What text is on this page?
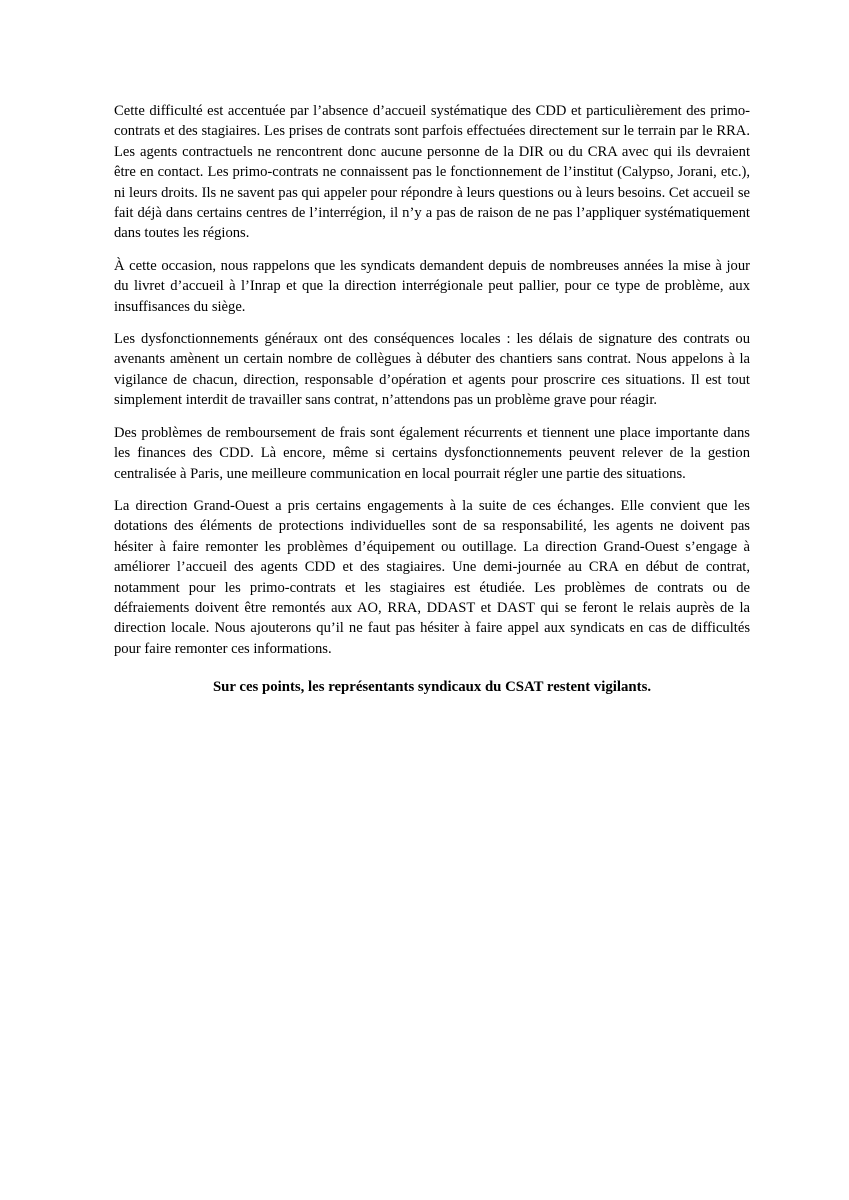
Cette difficulté est accentuée par l’absence d’accueil systématique des CDD et particulièrement des primo-contrats et des stagiaires. Les prises de contrats sont parfois effectuées directement sur le terrain par le RRA. Les agents contractuels ne rencontrent donc aucune personne de la DIR ou du CRA avec qui ils devraient être en contact. Les primo-contrats ne connaissent pas le fonctionnement de l’institut (Calypso, Jorani, etc.), ni leurs droits. Ils ne savent pas qui appeler pour répondre à leurs questions ou à leurs besoins. Cet accueil se fait déjà dans certains centres de l’interrégion, il n’y a pas de raison de ne pas l’appliquer systématiquement dans toutes les régions.

À cette occasion, nous rappelons que les syndicats demandent depuis de nombreuses années la mise à jour du livret d’accueil à l’Inrap et que la direction interrégionale peut pallier, pour ce type de problème, aux insuffisances du siège.

Les dysfonctionnements généraux ont des conséquences locales : les délais de signature des contrats ou avenants amènent un certain nombre de collègues à débuter des chantiers sans contrat. Nous appelons à la vigilance de chacun, direction, responsable d’opération et agents pour proscrire ces situations. Il est tout simplement interdit de travailler sans contrat, n’attendons pas un problème grave pour réagir.

Des problèmes de remboursement de frais sont également récurrents et tiennent une place importante dans les finances des CDD. Là encore, même si certains dysfonctionnements peuvent relever de la gestion centralisée à Paris, une meilleure communication en local pourrait régler une partie des situations.

La direction Grand-Ouest a pris certains engagements à la suite de ces échanges. Elle convient que les dotations des éléments de protections individuelles sont de sa responsabilité, les agents ne doivent pas hésiter à faire remonter les problèmes d’équipement ou outillage. La direction Grand-Ouest s’engage à améliorer l’accueil des agents CDD et des stagiaires. Une demi-journée au CRA en début de contrat, notamment pour les primo-contrats et les stagiaires est étudiée. Les problèmes de contrats ou de défraiements doivent être remontés aux AO, RRA, DDAST et DAST qui se feront le relais auprès de la direction locale. Nous ajouterons qu’il ne faut pas hésiter à faire appel aux syndicats en cas de difficultés pour faire remonter ces informations.

Sur ces points, les représentants syndicaux du CSAT restent vigilants.
